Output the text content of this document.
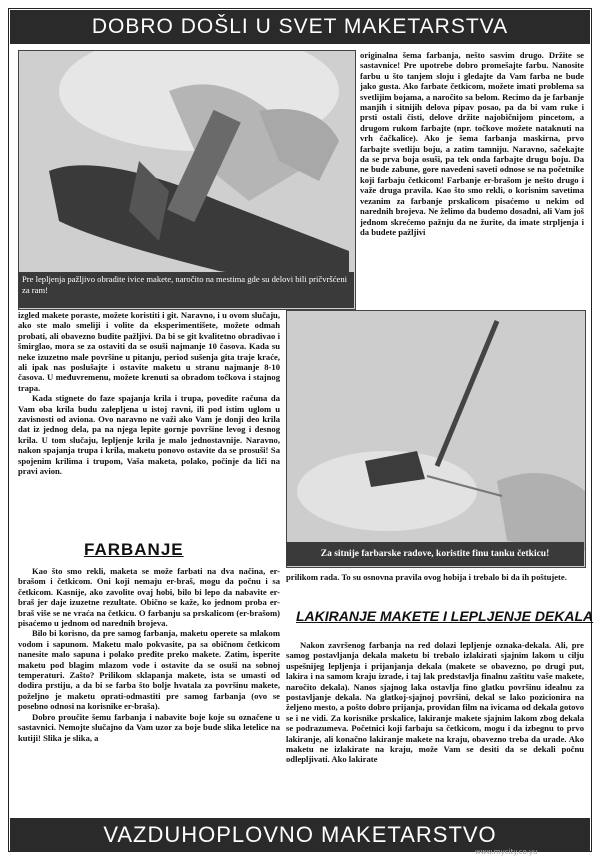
DOBRO DOŠLI U SVET MAKETARSTVA
Pre lepljenja pažljivo obradite ivice makete, naročito na mestima gde su delovi bili pričvršćeni za ram!

originalna šema farbanja, nešto sasvim drugo. Držite se sastavnice! Pre upotrebe dobro promešajte farbu. Nanosite farbu u što tanjem sloju i gledajte da Vam farba ne bude jako gusta. Ako farbate četkicom, možete imati problema sa svetlijim bojama, a naročito sa belom. Recimo da je farbanje manjih i sitnijih delova pipav posao, pa da bi vam ruke i prsti ostali čisti, delove držite najobičnijom pincetom, a drugom rukom farbajte (npr. točkove možete nataknuti na vrh čačkalice). Ako je šema farbanja maskirna, prvo farbajte svetliju boju, a zatim tamniju. Naravno, sačekajte da se prva boja osuši, pa tek onda farbajte drugu boju. Da ne bude zabune, gore navedeni saveti odnose se na početnike koji farbaju četkicom! Farbanje er-brašom je nešto drugo i važe druga pravila. Kao što smo rekli, o korisnim savetima vezanim za farbanje prskalicom pisaćemo u nekim od narednih brojeva. Ne želimo da budemo dosadni, ali Vam još jednom skrećemo pažnju da ne žurite, da imate strpljenja i da budete pažljivi

izgled makete poraste, možete koristiti i git. Naravno, i u ovom slučaju, ako ste malo smeliji i volite da eksperimentišete, možete odmah probati, ali obavezno budite pažljivi. Da bi se git kvalitetno obradivao i šmirglao, mora se za ostaviti da se osuši najmanje 10 časova. Kada su neke izuzetno male površine u pitanju, period sušenja gita traje kraće, ali ipak nas poslušajte i ostavite maketu u stranu najmanje 8-10 časova. U međuvremenu, možete krenuti sa obradom točkova i stajnog trapa.

Kada stignete do faze spajanja krila i trupa, povedite računa da Vam oba krila budu zalepljena u istoj ravni, ili pod istim uglom u zavisnosti od aviona. Ovo naravno ne važi ako Vam je donji deo krila dat iz jednog dela, pa na njega lepite gornje površine levog i desnog krila. U tom slučaju, lepljenje krila je malo jednostavnije. Naravno, nakon spajanja trupa i krila, maketu ponovo ostavite da se prosuši! Sa spojenim krilima i trupom, Vaša maketa, polako, počinje da liči na pravi avion.

Za sitnije farbarske radove, koristite finu tanku četkicu!
FARBANJE

Kao što smo rekli, maketa se može farbati na dva načina, er-brašom i četkicom. Oni koji nemaju er-braš, mogu da počnu i sa četkicom. Kasnije, ako zavolite ovaj hobi, bilo bi lepo da nabavite er-braš jer daje izuzetne rezultate. Obično se kaže, ko jednom proba er-braš više se ne vraća na četkicu. O farbanju sa prskalicom (er-brašom) pisaćemo u jednom od narednih brojeva.

Bilo bi korisno, da pre samog farbanja, maketu operete sa mlakom vodom i sapunom. Maketu malo pokvasite, pa sa običnom četkicom nanesite malo sapuna i polako pređite preko makete. Zatim, isperite maketu pod blagim mlazom vode i ostavite da se osuši na sobnoj temperaturi. Zašto? Prilikom sklapanja makete, ista se umasti od dodira prstiju, a da bi se farba što bolje hvatala za površinu makete, poželjno je maketu oprati-odmastiti pre samog farbanja (ovo se posebno odnosi na korisnike er-braša).

Dobro proučite šemu farbanja i nabavite boje koje su označene u sastavnici. Nemojte slučajno da Vam uzor za boje bude slika letelice na kutiji! Slika je slika, a

prilikom rada. To su osnovna pravila ovog hobija i trebalo bi da ih poštujete.

LAKIRANJE MAKETE I LEPLJENJE DEKALA

Nakon završenog farbanja na red dolazi lepljenje oznaka-dekala. Ali, pre samog postavljanja dekala maketu bi trebalo izlakirati sjajnim lakom u cilju uspešnijeg lepljenja i prijanjanja dekala (makete se obavezno, po drugi put, lakira i na samom kraju izrade, i taj lak predstavlja finalnu zaštitu vaše makete, naročito dekala). Nanos sjajnog laka ostavlja fino glatku površinu idealnu za postavljanje dekala. Na glatkoj-sjajnoj površini, dekal se lako pozicionira na željeno mesto, a pošto dobro prijanja, providan film na ivicama od dekala gotovo se i ne vidi. Za korisnike prskalice, lakiranje makete sjajnim lakom zbog dekala se podrazumeva. Početnici koji farbaju sa četkicom, mogu i da izbegnu to prvo lakiranje, ali konačno lakiranje makete na kraju, obavezno treba da urade. Ako maketu ne izlakirate na kraju, može Vam se desiti da se dekali počnu odlepljivati. Ako lakirate

VAZDUHOPLOVNO MAKETARSTVO
www.mycity.co.yu
